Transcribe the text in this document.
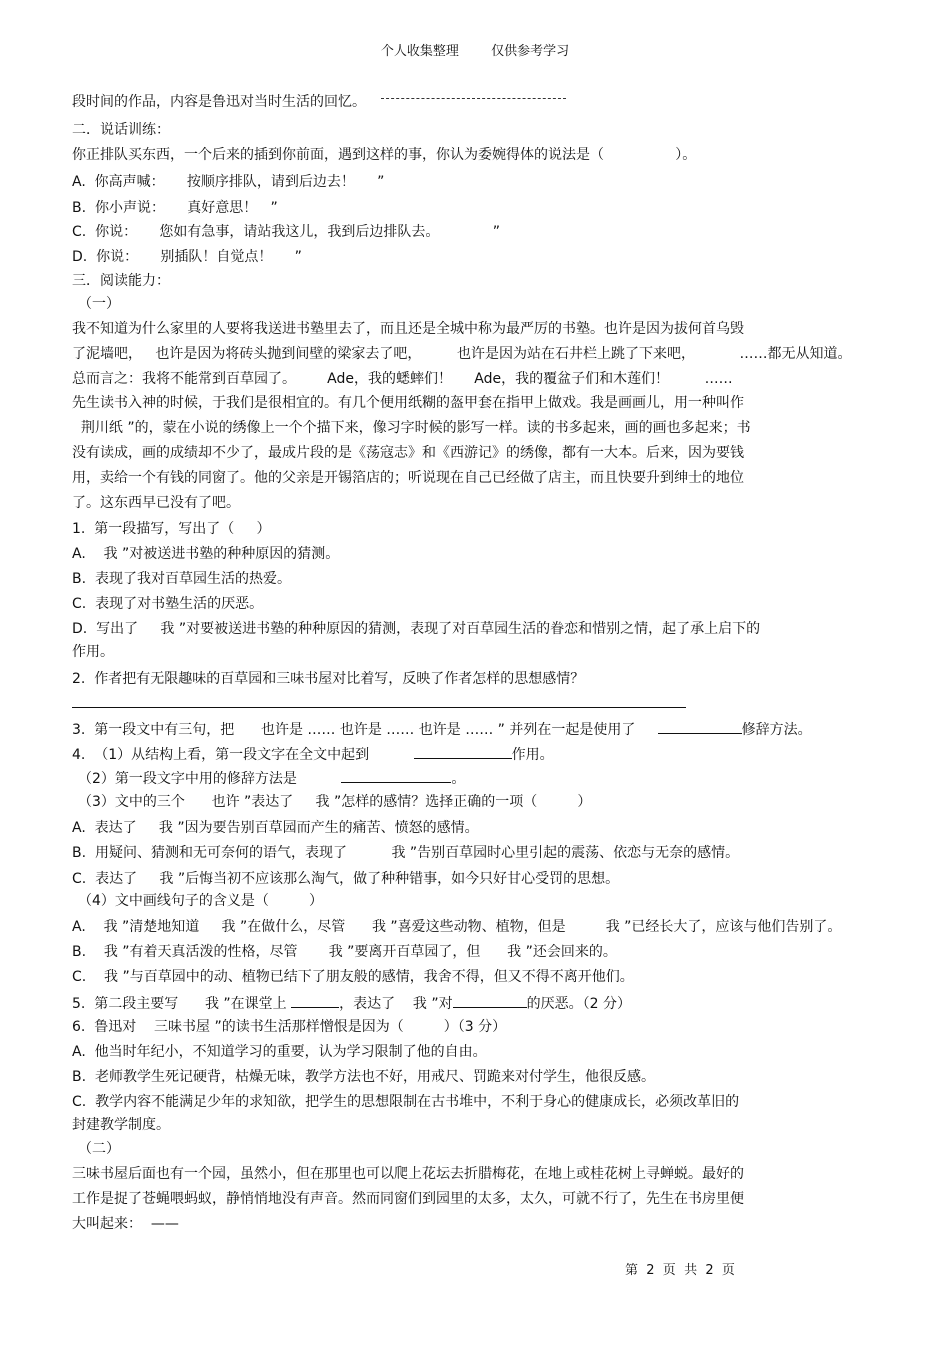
个人收集整理 仅供参考学习
段时间的作品，内容是鲁迅对当时生活的回忆。
二．说话训练：
你正排队买东西，一个后来的插到你前面，遇到这样的事，你认为委婉得体的说法是（                ）。
A.  你高声喊：     按顺序排队，请到后边去！     ”
B.  你小声说：     真好意思！   ”
C.  你说：     您如有急事，请站我这儿，我到后边排队去。            ”
D.  你说：     别插队！自觉点！     ”
三．阅读能力：
（一）
我不知道为什么家里的人要将我送进书塾里去了，而且还是全城中称为最严厉的书塾。也许是因为拔何首乌毁
了泥墙吧，   也许是因为将砖头抛到间壁的梁家去了吧，        也许是因为站在石井栏上跳了下来吧，          ……都无从知道。
总而言之：我将不能常到百草园了。       Ade，我的蟋蟀们！     Ade，我的覆盆子们和木莲们！        ……
先生读书入神的时候，于我们是很相宜的。有几个便用纸糊的盔甲套在指甲上做戏。我是画画儿，用一种叫作
荆川纸 ”的，蒙在小说的绣像上一个个描下来，像习字时候的影写一样。读的书多起来，画的画也多起来；书
没有读成，画的成绩却不少了，最成片段的是《荡寇志》和《西游记》的绣像，都有一大本。后来，因为要钱
用，卖给一个有钱的同窗了。他的父亲是开锡箔店的；听说现在自己已经做了店主，而且快要升到绅士的地位
了。这东西早已没有了吧。
1.  第一段描写，写出了（     ）
A.    我 ”对被送进书塾的种种原因的猜测。
B.  表现了我对百草园生活的热爱。
C.  表现了对书塾生活的厌恶。
D.  写出了     我 ”对要被送进书塾的种种原因的猜测，表现了对百草园生活的眷恋和惜别之情，起了承上启下的
作用。
2.  作者把有无限趣味的百草园和三味书屋对比着写，反映了作者怎样的思想感情？
3.  第一段文中有三句，把      也许是 …… 也许是 …… 也许是 …… ” 并列在一起是使用了	修辞方法。
4.  （1）从结构上看，第一段文字在全文中起到	作用。
（2）第一段文字中用的修辞方法是	。
（3）文中的三个      也许 ”表达了     我 ”怎样的感情？选择正确的一项（         ）
A.  表达了     我 ”因为要告别百草园而产生的痛苦、愤怒的感情。
B.  用疑问、猜测和无可奈何的语气，表现了          我 ”告别百草园时心里引起的震荡、依恋与无奈的感情。
C.  表达了     我 ”后悔当初不应该那么淘气，做了种种错事，如今只好甘心受罚的思想。
（4）文中画线句子的含义是（         ）
A.    我 ”清楚地知道     我 ”在做什么，尽管      我 ”喜爱这些动物、植物，但是         我 ”已经长大了，应该与他们告别了。
B.    我 ”有着天真活泼的性格，尽管       我 ”要离开百草园了，但      我 ”还会回来的。
C.    我 ”与百草园中的动、植物已结下了朋友般的感情，我舍不得，但又不得不离开他们。
5.  第二段主要写      我 ”在课堂上	，表达了    我 ”对	的厌恶。（2 分）
6.  鲁迅对    三味书屋 ”的读书生活那样憎恨是因为（         ）（3 分）
A.  他当时年纪小，不知道学习的重要，认为学习限制了他的自由。
B.  老师教学生死记硬背，枯燥无味，教学方法也不好，用戒尺、罚跪来对付学生，他很反感。
C.  教学内容不能满足少年的求知欲，把学生的思想限制在古书堆中，不利于身心的健康成长，必须改革旧的
封建教学制度。
（二）
三味书屋后面也有一个园，虽然小，但在那里也可以爬上花坛去折腊梅花，在地上或桂花树上寻蝉蜕。最好的
工作是捉了苍蝇喂蚂蚁，静悄悄地没有声音。然而同窗们到园里的太多，太久，可就不行了，先生在书房里便
大叫起来：  ——
第  2  页  共  2  页
